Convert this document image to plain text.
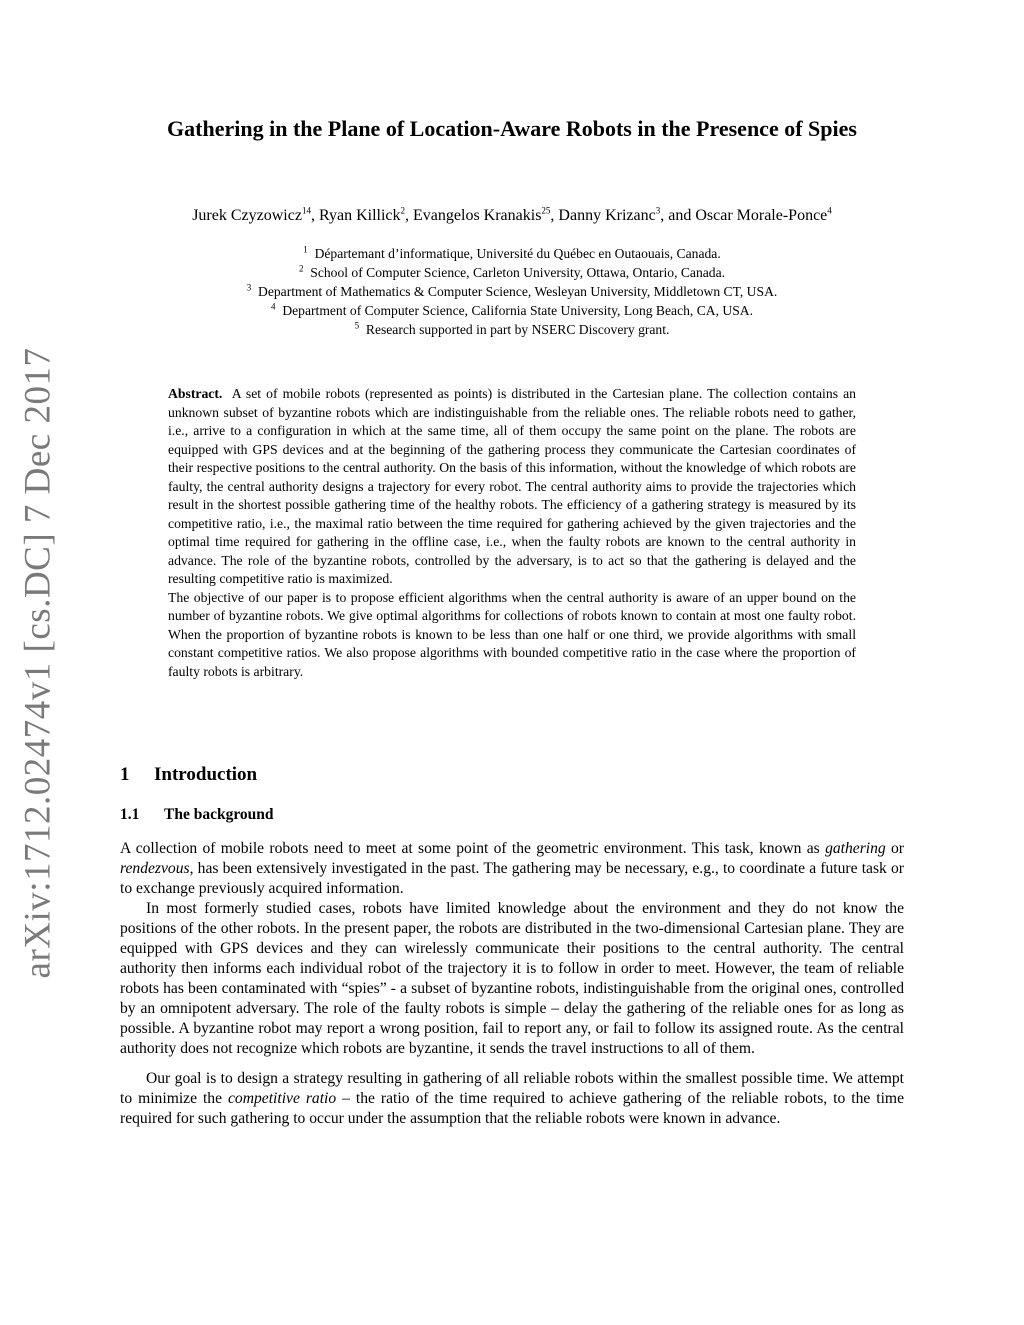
arXiv:1712.02474v1 [cs.DC] 7 Dec 2017
Gathering in the Plane of Location-Aware Robots in the Presence of Spies
Jurek Czyzowicz$^{14}$, Ryan Killick$^2$, Evangelos Kranakis$^{25}$, Danny Krizanc$^3$, and Oscar Morale-Ponce$^4$
$^1$ Départemant d’informatique, Université du Québec en Outaouais, Canada.
$^2$ School of Computer Science, Carleton University, Ottawa, Ontario, Canada.
$^3$ Department of Mathematics & Computer Science, Wesleyan University, Middletown CT, USA.
$^4$ Department of Computer Science, California State University, Long Beach, CA, USA.
$^5$ Research supported in part by NSERC Discovery grant.

Abstract. A set of mobile robots (represented as points) is distributed in the Cartesian plane. The collection contains an unknown subset of byzantine robots which are indistinguishable from the reliable ones. The reliable robots need to gather, i.e., arrive to a configuration in which at the same time, all of them occupy the same point on the plane. The robots are equipped with GPS devices and at the beginning of the gathering process they communicate the Cartesian coordinates of their respective positions to the central authority. On the basis of this information, without the knowledge of which robots are faulty, the central authority designs a trajectory for every robot. The central authority aims to provide the trajectories which result in the shortest possible gathering time of the healthy robots. The efficiency of a gathering strategy is measured by its competitive ratio, i.e., the maximal ratio between the time required for gathering achieved by the given trajectories and the optimal time required for gathering in the offline case, i.e., when the faulty robots are known to the central authority in advance. The role of the byzantine robots, controlled by the adversary, is to act so that the gathering is delayed and the resulting competitive ratio is maximized.

The objective of our paper is to propose efficient algorithms when the central authority is aware of an upper bound on the number of byzantine robots. We give optimal algorithms for collections of robots known to contain at most one faulty robot. When the proportion of byzantine robots is known to be less than one half or one third, we provide algorithms with small constant competitive ratios. We also propose algorithms with bounded competitive ratio in the case where the proportion of faulty robots is arbitrary.

1 Introduction
1.1 The background

A collection of mobile robots need to meet at some point of the geometric environment. This task, known as gathering or rendezvous, has been extensively investigated in the past. The gathering may be necessary, e.g., to coordinate a future task or to exchange previously acquired information.

In most formerly studied cases, robots have limited knowledge about the environment and they do not know the positions of the other robots. In the present paper, the robots are distributed in the two-dimensional Cartesian plane. They are equipped with GPS devices and they can wirelessly communicate their positions to the central authority. The central authority then informs each individual robot of the trajectory it is to follow in order to meet. However, the team of reliable robots has been contaminated with “spies” - a subset of byzantine robots, indistinguishable from the original ones, controlled by an omnipotent adversary. The role of the faulty robots is simple – delay the gathering of the reliable ones for as long as possible. A byzantine robot may report a wrong position, fail to report any, or fail to follow its assigned route. As the central authority does not recognize which robots are byzantine, it sends the travel instructions to all of them.

Our goal is to design a strategy resulting in gathering of all reliable robots within the smallest possible time. We attempt to minimize the competitive ratio – the ratio of the time required to achieve gathering of the reliable robots, to the time required for such gathering to occur under the assumption that the reliable robots were known in advance.
